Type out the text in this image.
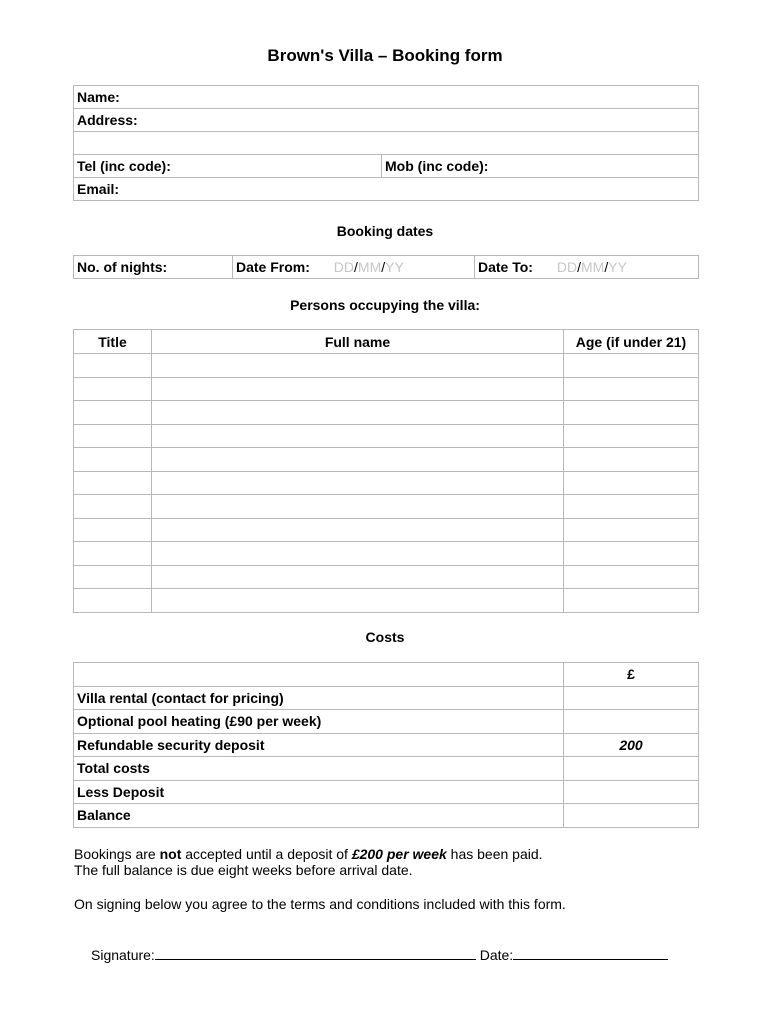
Brown's Villa – Booking form
Name:
Address:

Tel (inc code):	Mob (inc code):
Email:
Booking dates
No. of nights:	Date From: DD/MM/YY	Date To: DD/MM/YY
Persons occupying the villa:
Title	Full name	Age (if under 21)

Costs
	£
Villa rental (contact for pricing)	
Optional pool heating (£90 per week)	
Refundable security deposit	200
Total costs	
Less Deposit	
Balance	
Bookings are not accepted until a deposit of £200 per week has been paid.
The full balance is due eight weeks before arrival date.
On signing below you agree to the terms and conditions included with this form.
Signature:	Date:
